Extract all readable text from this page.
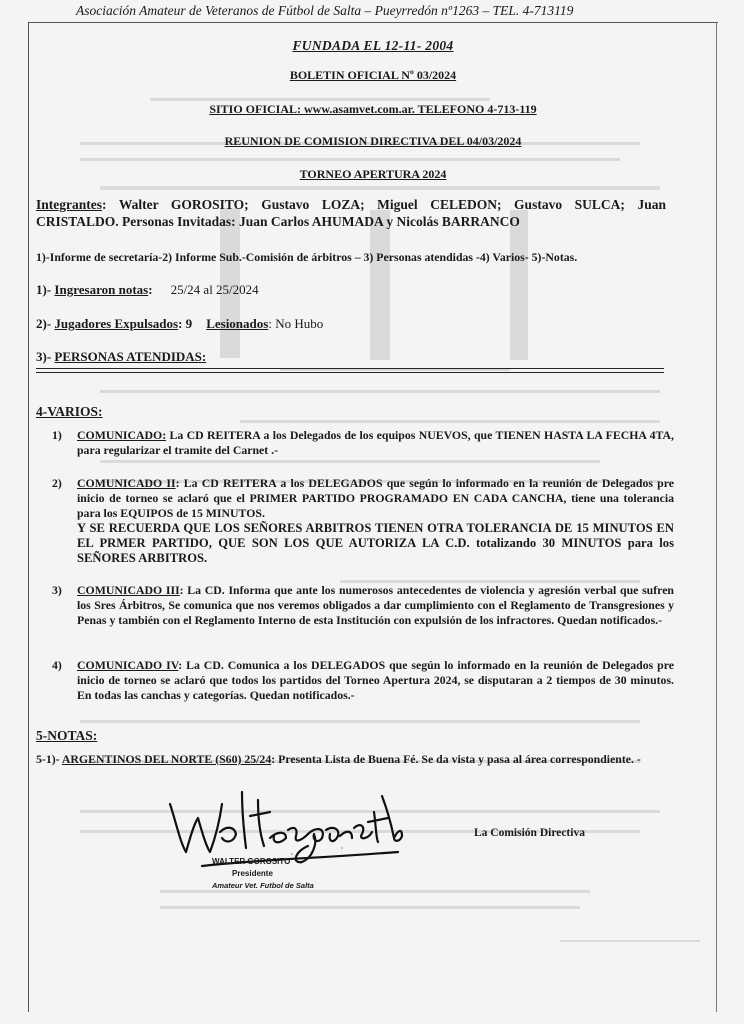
Asociación Amateur de Veteranos de Fútbol de Salta – Pueyrredón nº1263 – TEL. 4-713119
FUNDADA EL 12-11- 2004
BOLETIN OFICIAL Nº 03/2024
SITIO OFICIAL: www.asamvet.com.ar. TELEFONO 4-713-119
REUNION DE COMISION DIRECTIVA DEL 04/03/2024
TORNEO APERTURA 2024
Integrantes: Walter GOROSITO; Gustavo LOZA; Miguel CELEDON; Gustavo SULCA; Juan CRISTALDO. Personas Invitadas: Juan Carlos AHUMADA y Nicolás BARRANCO
1)-Informe de secretaría-2) Informe Sub.-Comisión de árbitros – 3) Personas atendidas -4) Varios- 5)-Notas.
1)- Ingresaron notas: 25/24 al 25/2024
2)- Jugadores Expulsados: 9 Lesionados: No Hubo
3)- PERSONAS ATENDIDAS:
4-VARIOS:
1) COMUNICADO: La CD REITERA a los Delegados de los equipos NUEVOS, que TIENEN HASTA LA FECHA 4TA, para regularizar el tramite del Carnet .-
2) COMUNICADO II: La CD REITERA a los DELEGADOS que según lo informado en la reunión de Delegados pre inicio de torneo se aclaró que el PRIMER PARTIDO PROGRAMADO EN CADA CANCHA, tiene una tolerancia para los EQUIPOS de 15 MINUTOS.
Y SE RECUERDA QUE LOS SEÑORES ARBITROS TIENEN OTRA TOLERANCIA DE 15 MINUTOS EN EL PRMER PARTIDO, QUE SON LOS QUE AUTORIZA LA C.D. totalizando 30 MINUTOS para los SEÑORES ARBITROS.
3) COMUNICADO III: La CD. Informa que ante los numerosos antecedentes de violencia y agresión verbal que sufren los Sres Árbitros, Se comunica que nos veremos obligados a dar cumplimiento con el Reglamento de Transgresiones y Penas y también con el Reglamento Interno de esta Institución con expulsión de los infractores. Quedan notificados.-
4) COMUNICADO IV: La CD. Comunica a los DELEGADOS que según lo informado en la reunión de Delegados pre inicio de torneo se aclaró que todos los partidos del Torneo Apertura 2024, se disputaran a 2 tiempos de 30 minutos. En todas las canchas y categorías. Quedan notificados.-
5-NOTAS:
5-1)- ARGENTINOS DEL NORTE (S60) 25/24: Presenta Lista de Buena Fé. Se da vista y pasa al área correspondiente. -
WALTER GOROSITO
Presidente
Amateur Vet. Futbol de Salta
La Comisión Directiva
